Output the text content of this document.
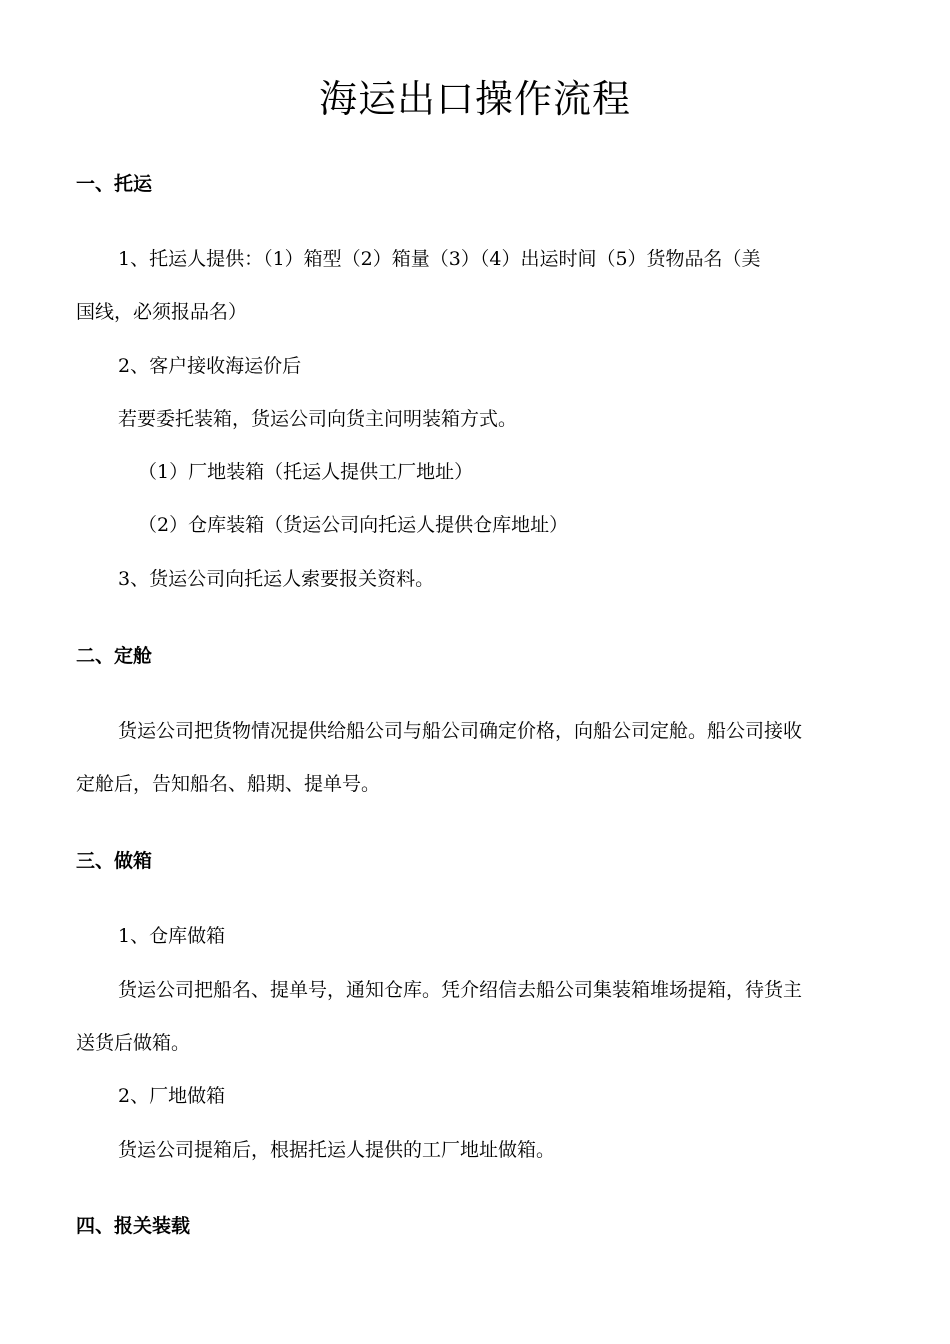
海运出口操作流程
一、托运

1、托运人提供：（1）箱型（2）箱量（3）（4）出运时间（5）货物品名（美

国线，必须报品名）

2、客户接收海运价后

若要委托装箱，货运公司向货主问明装箱方式。

（1）厂地装箱（托运人提供工厂地址）

（2）仓库装箱（货运公司向托运人提供仓库地址）

3、货运公司向托运人索要报关资料。

二、定舱

货运公司把货物情况提供给船公司与船公司确定价格，向船公司定舱。船公司接收

定舱后，告知船名、船期、提单号。

三、做箱

1、仓库做箱

货运公司把船名、提单号，通知仓库。凭介绍信去船公司集装箱堆场提箱，待货主

送货后做箱。

2、厂地做箱

货运公司提箱后，根据托运人提供的工厂地址做箱。

四、报关装载
